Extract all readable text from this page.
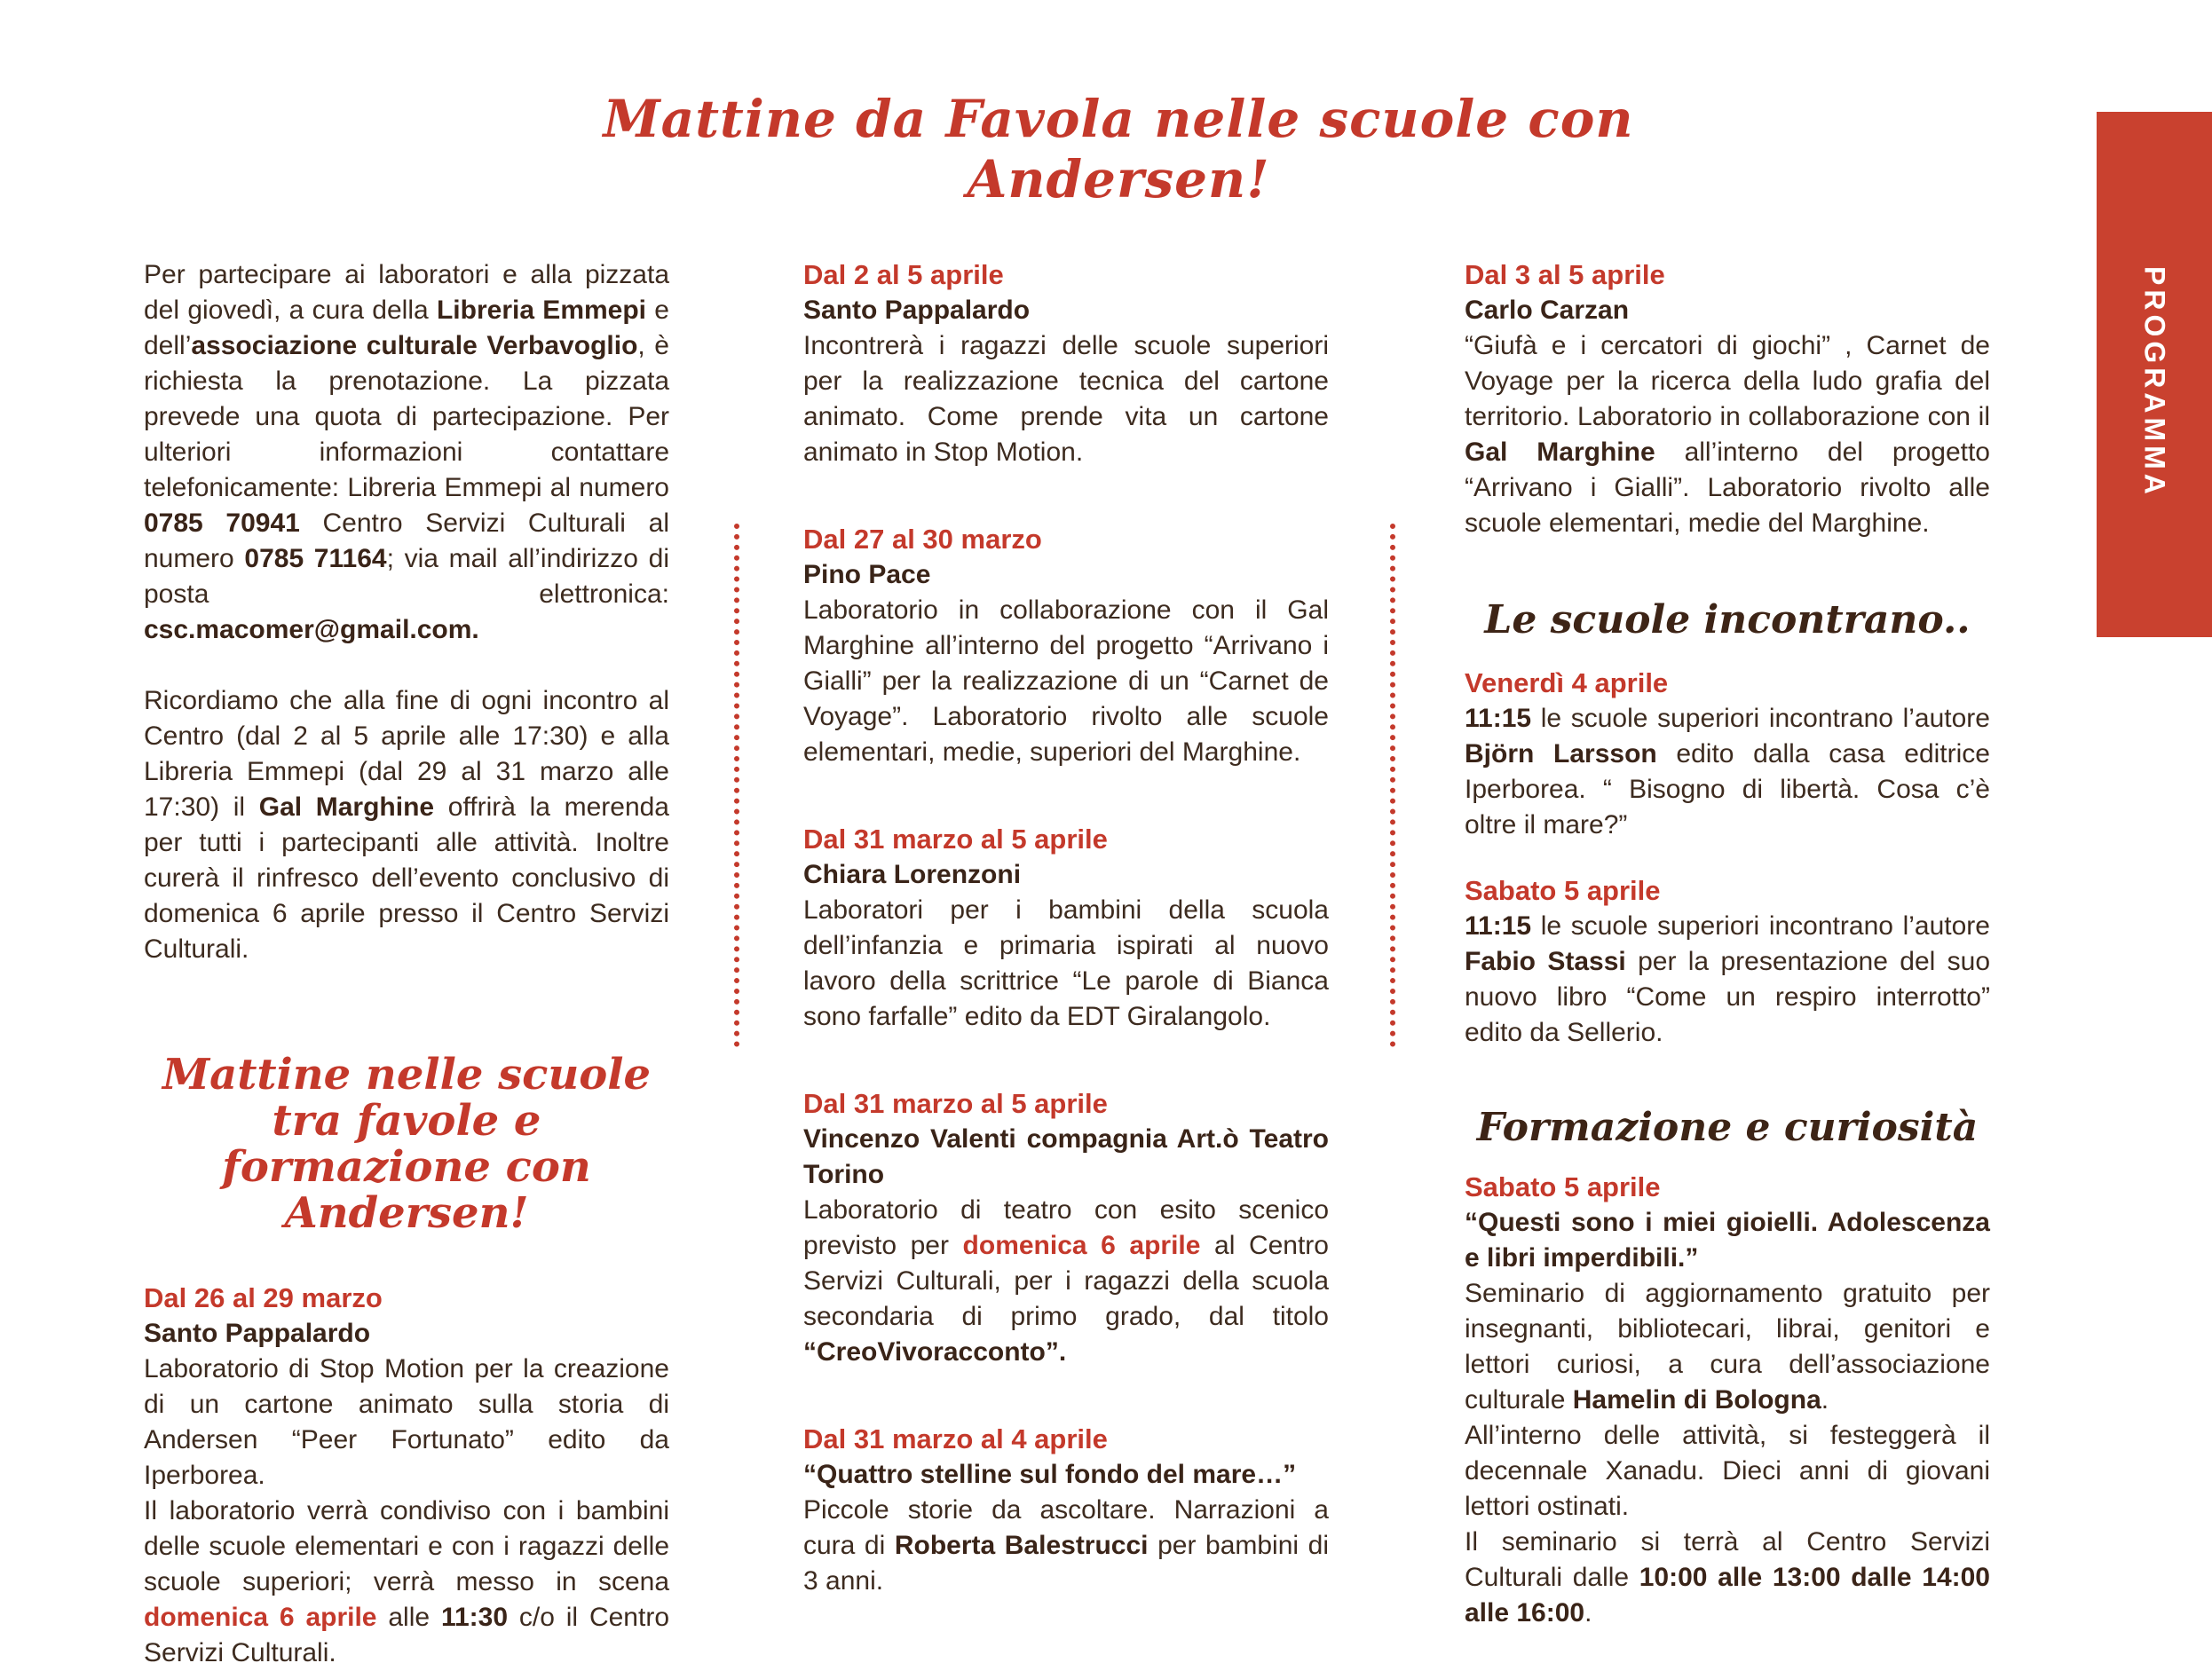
Mattine da Favola nelle scuole con Andersen!
PROGRAMMA

Per partecipare ai laboratori e alla pizzata del giovedì, a cura della Libreria Emmepi e dell’associazione culturale Verbavoglio, è richiesta la prenotazione. La pizzata prevede una quota di partecipazione. Per ulteriori informazioni contattare telefonicamente: Libreria Emmepi al numero 0785 70941 Centro Servizi Culturali al numero 0785 71164; via mail all’indirizzo di posta elettronica: csc.macomer@gmail.com.

Ricordiamo che alla fine di ogni incontro al Centro (dal 2 al 5 aprile alle 17:30) e alla Libreria Emmepi (dal 29 al 31 marzo alle 17:30) il Gal Marghine offrirà la merenda per tutti i partecipanti alle attività. Inoltre curerà il rinfresco dell’evento conclusivo di domenica 6 aprile presso il Centro Servizi Culturali.

Mattine nelle scuole tra favole e formazione con Andersen!
Dal 26 al 29 marzo
Santo Pappalardo

Laboratorio di Stop Motion per la creazione di un cartone animato sulla storia di Andersen “Peer Fortunato” edito da Iperborea.

Il laboratorio verrà condiviso con i bambini delle scuole elementari e con i ragazzi delle scuole superiori; verrà messo in scena domenica 6 aprile alle 11:30 c/o il Centro Servizi Culturali.

Dal 2 al 5 aprile
Santo Pappalardo

Incontrerà i ragazzi delle scuole superiori per la realizzazione tecnica del cartone animato. Come prende vita un cartone animato in Stop Motion.

Dal 27 al 30 marzo
Pino Pace

Laboratorio in collaborazione con il Gal Marghine all’interno del progetto “Arrivano i Gialli” per la realizzazione di un “Carnet de Voyage”. Laboratorio rivolto alle scuole elementari, medie, superiori del Marghine.

Dal 31 marzo al 5 aprile
Chiara Lorenzoni

Laboratori per i bambini della scuola dell’infanzia e primaria ispirati al nuovo lavoro della scrittrice “Le parole di Bianca sono farfalle” edito da EDT Giralangolo.

Dal 31 marzo al 5 aprile
Vincenzo Valenti compagnia Art.ò Teatro Torino

Laboratorio di teatro con esito scenico previsto per domenica 6 aprile al Centro Servizi Culturali, per i ragazzi della scuola secondaria di primo grado, dal titolo “CreoVivoracconto”.

Dal 31 marzo al 4 aprile
“Quattro stelline sul fondo del mare…”

Piccole storie da ascoltare. Narrazioni a cura di Roberta Balestrucci per bambini di 3 anni.

Dal 3 al 5 aprile
Carlo Carzan

“Giufà e i cercatori di giochi” , Carnet de Voyage per la ricerca della ludo grafia del territorio. Laboratorio in collaborazione con il Gal Marghine all’interno del progetto “Arrivano i Gialli”. Laboratorio rivolto alle scuole elementari, medie del Marghine.

Le scuole incontrano..
Venerdì 4 aprile

11:15 le scuole superiori incontrano l’autore Björn Larsson edito dalla casa editrice Iperborea. “ Bisogno di libertà. Cosa c’è oltre il mare?”

Sabato 5 aprile

11:15 le scuole superiori incontrano l’autore Fabio Stassi per la presentazione del suo nuovo libro “Come un respiro interrotto” edito da Sellerio.

Formazione e curiosità
Sabato 5 aprile
“Questi sono i miei gioielli. Adolescenza e libri imperdibili.”

Seminario di aggiornamento gratuito per insegnanti, bibliotecari, librai, genitori e lettori curiosi, a cura dell’associazione culturale Hamelin di Bologna.

All’interno delle attività, si festeggerà il decennale Xanadu. Dieci anni di giovani lettori ostinati.

Il seminario si terrà al Centro Servizi Culturali dalle 10:00 alle 13:00 dalle 14:00 alle 16:00.
